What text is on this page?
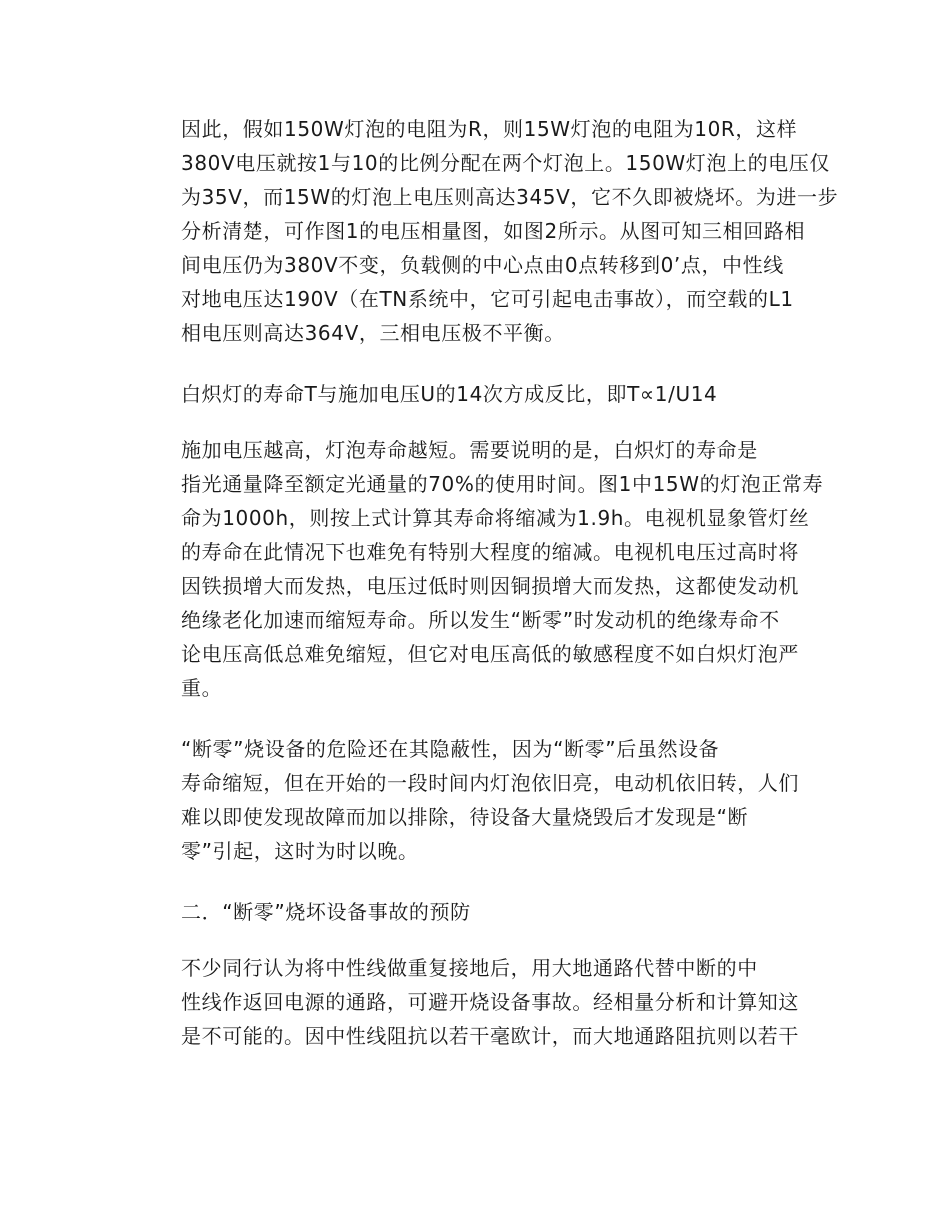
因此，假如150W灯泡的电阻为R，则15W灯泡的电阻为10R，这样
380V电压就按1与10的比例分配在两个灯泡上。150W灯泡上的电压仅
为35V，而15W的灯泡上电压则高达345V，它不久即被烧坏。为进一步
分析清楚，可作图1的电压相量图，如图2所示。从图可知三相回路相
间电压仍为380V不变，负载侧的中心点由0点转移到0’点，中性线
对地电压达190V（在TN系统中，它可引起电击事故），而空载的L1
相电压则高达364V，三相电压极不平衡。

白炽灯的寿命T与施加电压U的14次方成反比，即T∝1/U14

施加电压越高，灯泡寿命越短。需要说明的是，白炽灯的寿命是
指光通量降至额定光通量的70%的使用时间。图1中15W的灯泡正常寿
命为1000h，则按上式计算其寿命将缩减为1.9h。电视机显象管灯丝
的寿命在此情况下也难免有特别大程度的缩减。电视机电压过高时将
因铁损增大而发热，电压过低时则因铜损增大而发热，这都使发动机
绝缘老化加速而缩短寿命。所以发生“断零”时发动机的绝缘寿命不
论电压高低总难免缩短，但它对电压高低的敏感程度不如白炽灯泡严
重。

“断零”烧设备的危险还在其隐蔽性，因为“断零”后虽然设备
寿命缩短，但在开始的一段时间内灯泡依旧亮，电动机依旧转，人们
难以即使发现故障而加以排除，待设备大量烧毁后才发现是“断
零”引起，这时为时以晚。

二．“断零”烧坏设备事故的预防

不少同行认为将中性线做重复接地后，用大地通路代替中断的中
性线作返回电源的通路，可避开烧设备事故。经相量分析和计算知这
是不可能的。因中性线阻抗以若干毫欧计，而大地通路阻抗则以若干
